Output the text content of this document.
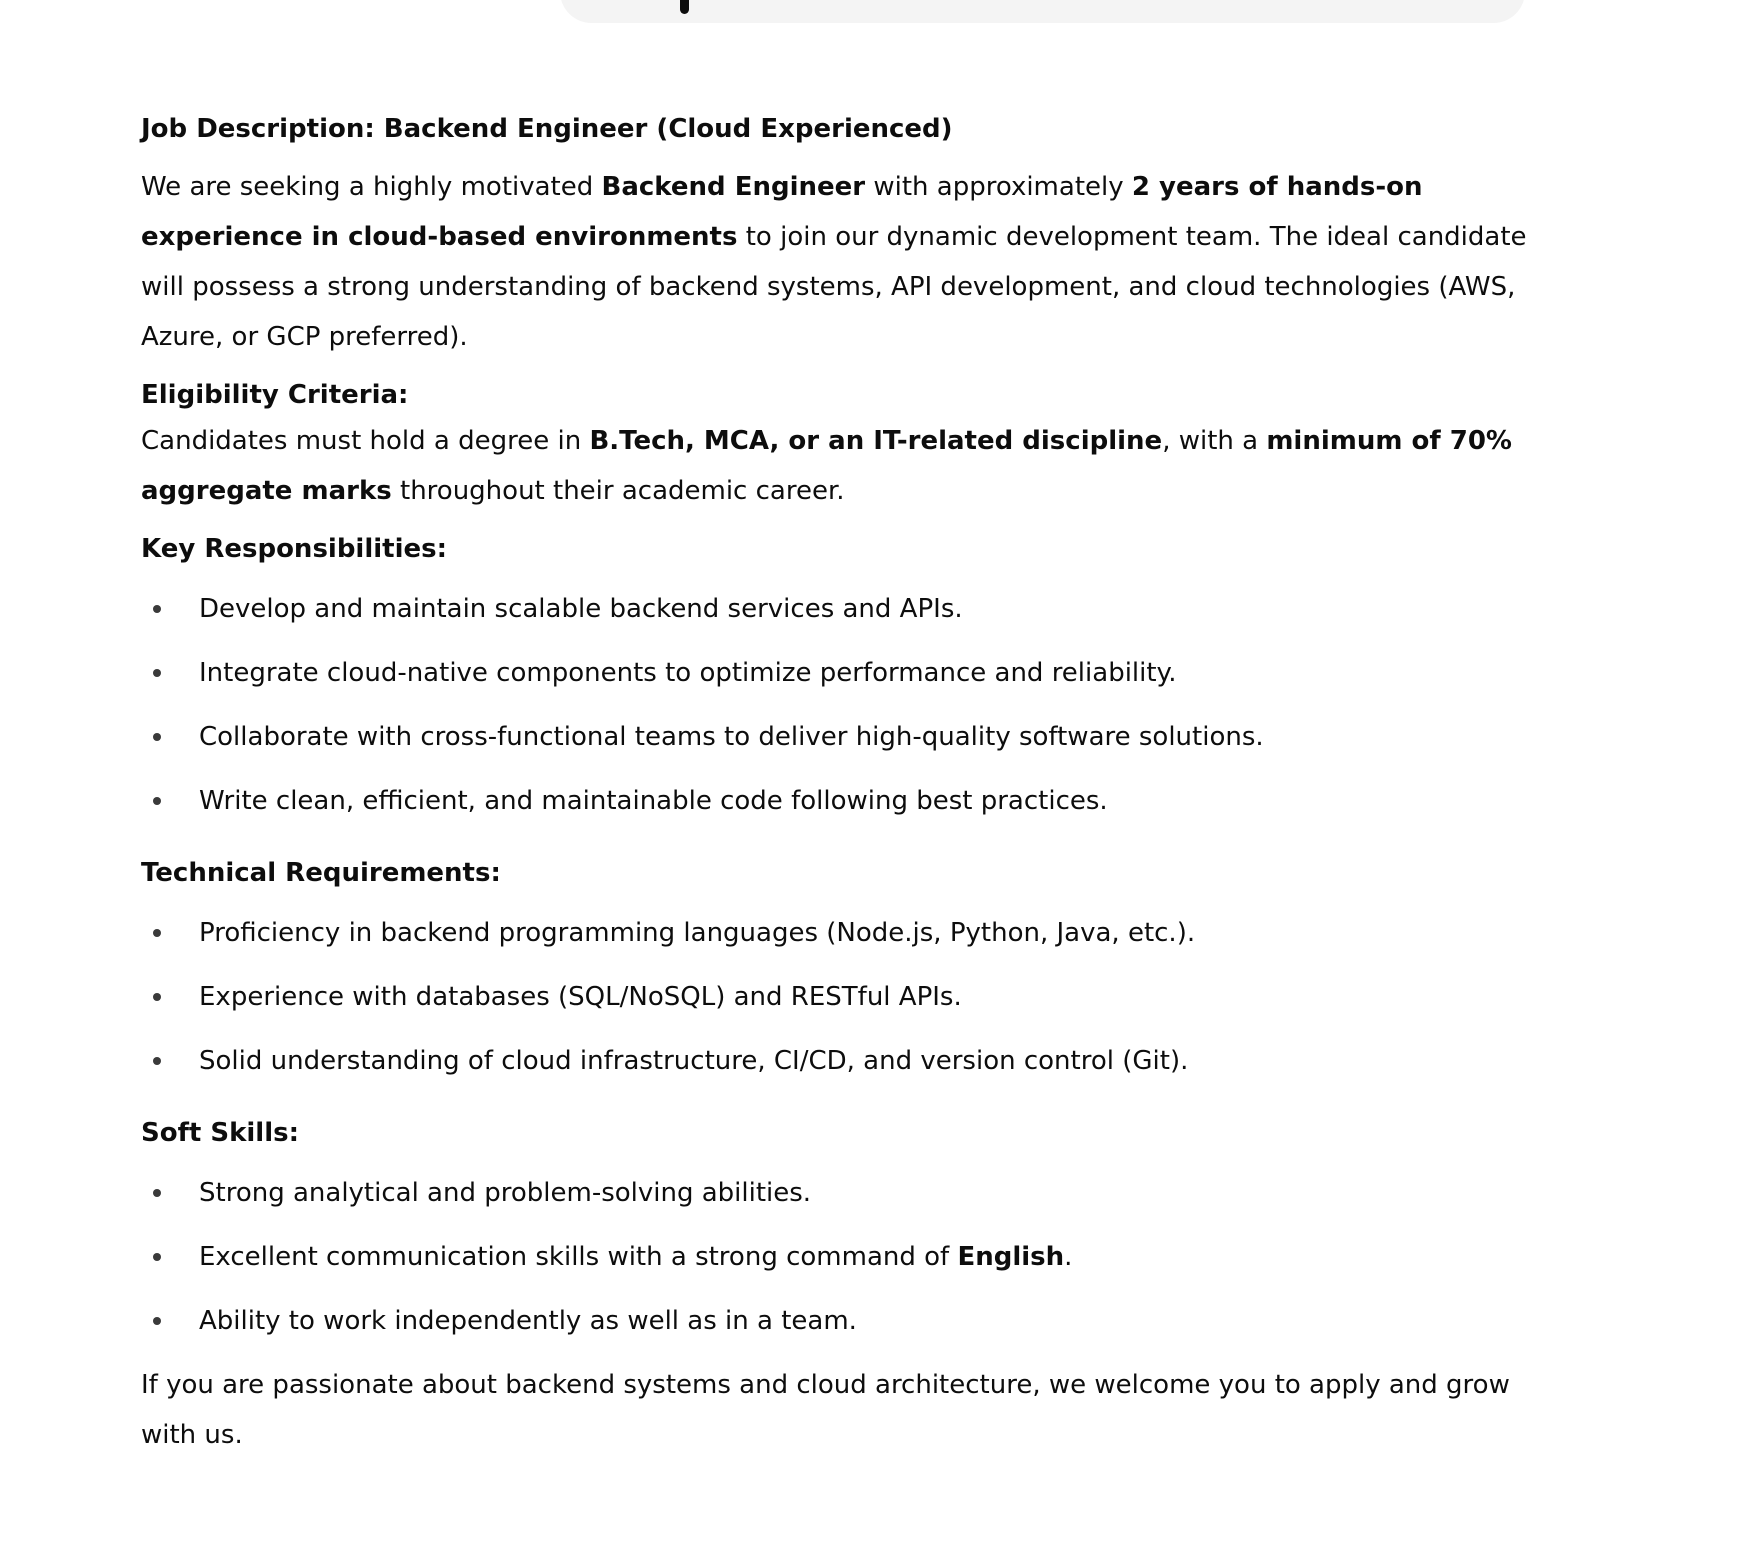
Job Description: Backend Engineer (Cloud Experienced)

We are seeking a highly motivated Backend Engineer with approximately 2 years of hands-on experience in cloud-based environments to join our dynamic development team. The ideal candidate will possess a strong understanding of backend systems, API development, and cloud technologies (AWS, Azure, or GCP preferred).

Eligibility Criteria:

Candidates must hold a degree in B.Tech, MCA, or an IT-related discipline, with a minimum of 70% aggregate marks throughout their academic career.

Key Responsibilities:

Develop and maintain scalable backend services and APIs.
Integrate cloud-native components to optimize performance and reliability.
Collaborate with cross-functional teams to deliver high-quality software solutions.
Write clean, efficient, and maintainable code following best practices.

Technical Requirements:

Proficiency in backend programming languages (Node.js, Python, Java, etc.).
Experience with databases (SQL/NoSQL) and RESTful APIs.
Solid understanding of cloud infrastructure, CI/CD, and version control (Git).

Soft Skills:

Strong analytical and problem-solving abilities.
Excellent communication skills with a strong command of English.
Ability to work independently as well as in a team.

If you are passionate about backend systems and cloud architecture, we welcome you to apply and grow with us.
